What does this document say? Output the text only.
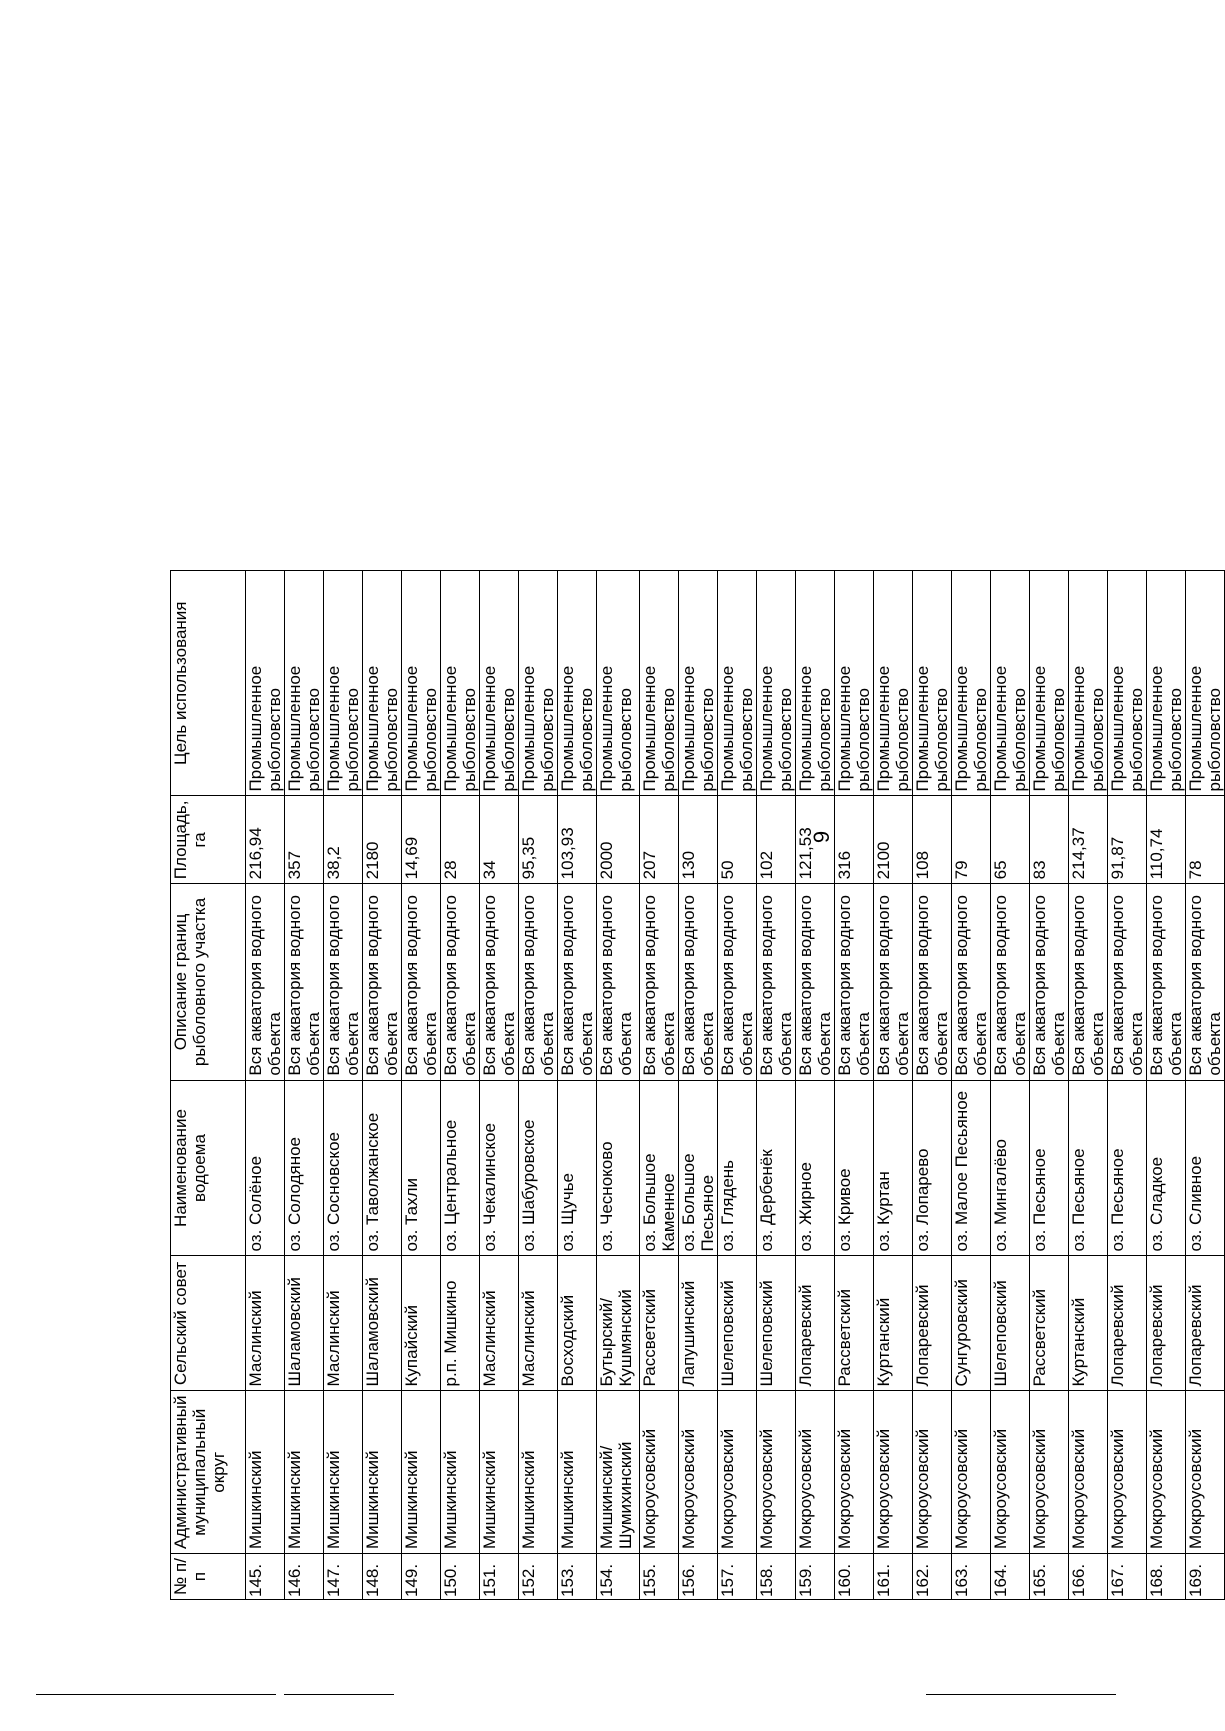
9
№ п/п	Административный муниципальный округ	Сельский совет	Наименование водоема	Описание границ рыболовного участка	Площадь, га	Цель использования
145.	Мишкинский	Маслинский	оз. Солёное	Вся акватория водного объекта	216,94	Промышленное рыболовство
146.	Мишкинский	Шаламовский	оз. Солодяное	Вся акватория водного объекта	357	Промышленное рыболовство
147.	Мишкинский	Маслинский	оз. Сосновское	Вся акватория водного объекта	38,2	Промышленное рыболовство
148.	Мишкинский	Шаламовский	оз. Таволжанское	Вся акватория водного объекта	2180	Промышленное рыболовство
149.	Мишкинский	Купайский	оз. Тахли	Вся акватория водного объекта	14,69	Промышленное рыболовство
150.	Мишкинский	р.п. Мишкино	оз. Центральное	Вся акватория водного объекта	28	Промышленное рыболовство
151.	Мишкинский	Маслинский	оз. Чекалинское	Вся акватория водного объекта	34	Промышленное рыболовство
152.	Мишкинский	Маслинский	оз. Шабуровское	Вся акватория водного объекта	95,35	Промышленное рыболовство
153.	Мишкинский	Восходский	оз. Щучье	Вся акватория водного объекта	103,93	Промышленное рыболовство
154.	Мишкинский/ Шумихинский	Бутырский/ Кушмянский	оз. Чесноково	Вся акватория водного объекта	2000	Промышленное рыболовство
155.	Мокроусовский	Рассветский	оз. Большое Каменное	Вся акватория водного объекта	207	Промышленное рыболовство
156.	Мокроусовский	Лапушинский	оз. Большое Песьяное	Вся акватория водного объекта	130	Промышленное рыболовство
157.	Мокроусовский	Шелеповский	оз. Глядень	Вся акватория водного объекта	50	Промышленное рыболовство
158.	Мокроусовский	Шелеповский	оз. Дербенёк	Вся акватория водного объекта	102	Промышленное рыболовство
159.	Мокроусовский	Лопаревский	оз. Жирное	Вся акватория водного объекта	121,53	Промышленное рыболовство
160.	Мокроусовский	Рассветский	оз. Кривое	Вся акватория водного объекта	316	Промышленное рыболовство
161.	Мокроусовский	Куртанский	оз. Куртан	Вся акватория водного объекта	2100	Промышленное рыболовство
162.	Мокроусовский	Лопаревский	оз. Лопарево	Вся акватория водного объекта	108	Промышленное рыболовство
163.	Мокроусовский	Сунгуровский	оз. Малое Песьяное	Вся акватория водного объекта	79	Промышленное рыболовство
164.	Мокроусовский	Шелеповский	оз. Мингалёво	Вся акватория водного объекта	65	Промышленное рыболовство
165.	Мокроусовский	Рассветский	оз. Песьяное	Вся акватория водного объекта	83	Промышленное рыболовство
166.	Мокроусовский	Куртанский	оз. Песьяное	Вся акватория водного объекта	214,37	Промышленное рыболовство
167.	Мокроусовский	Лопаревский	оз. Песьяное	Вся акватория водного объекта	91,87	Промышленное рыболовство
168.	Мокроусовский	Лопаревский	оз. Сладкое	Вся акватория водного объекта	110,74	Промышленное рыболовство
169.	Мокроусовский	Лопаревский	оз. Сливное	Вся акватория водного объекта	78	Промышленное рыболовство
